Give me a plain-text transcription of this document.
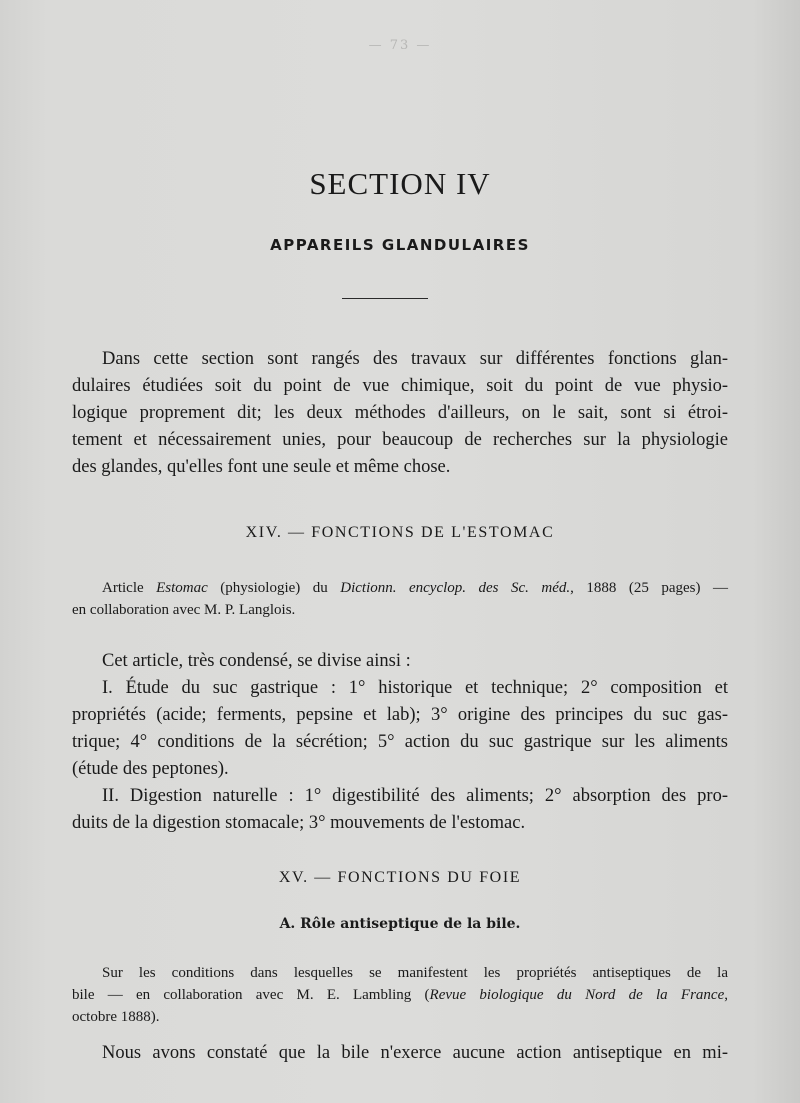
— 73 —
SECTION IV
APPAREILS GLANDULAIRES

Dans cette section sont rangés des travaux sur différentes fonctions glan-
dulaires étudiées soit du point de vue chimique, soit du point de vue physio-
logique proprement dit; les deux méthodes d'ailleurs, on le sait, sont si étroi-
tement et nécessairement unies, pour beaucoup de recherches sur la physiologie
des glandes, qu'elles font une seule et même chose.

XIV. — FONCTIONS DE L'ESTOMAC

Article Estomac (physiologie) du Dictionn. encyclop. des Sc. méd., 1888 (25 pages) —
en collaboration avec M. P. Langlois.

Cet article, très condensé, se divise ainsi :
I. Étude du suc gastrique : 1° historique et technique; 2° composition et
propriétés (acide; ferments, pepsine et lab); 3° origine des principes du suc gas-
trique; 4° conditions de la sécrétion; 5° action du suc gastrique sur les aliments
(étude des peptones).
II. Digestion naturelle : 1° digestibilité des aliments; 2° absorption des pro-
duits de la digestion stomacale; 3° mouvements de l'estomac.

XV. — FONCTIONS DU FOIE
A. Rôle antiseptique de la bile.

Sur les conditions dans lesquelles se manifestent les propriétés antiseptiques de la
bile — en collaboration avec M. E. Lambling (Revue biologique du Nord de la France,
octobre 1888).

Nous avons constaté que la bile n'exerce aucune action antiseptique en mi-
